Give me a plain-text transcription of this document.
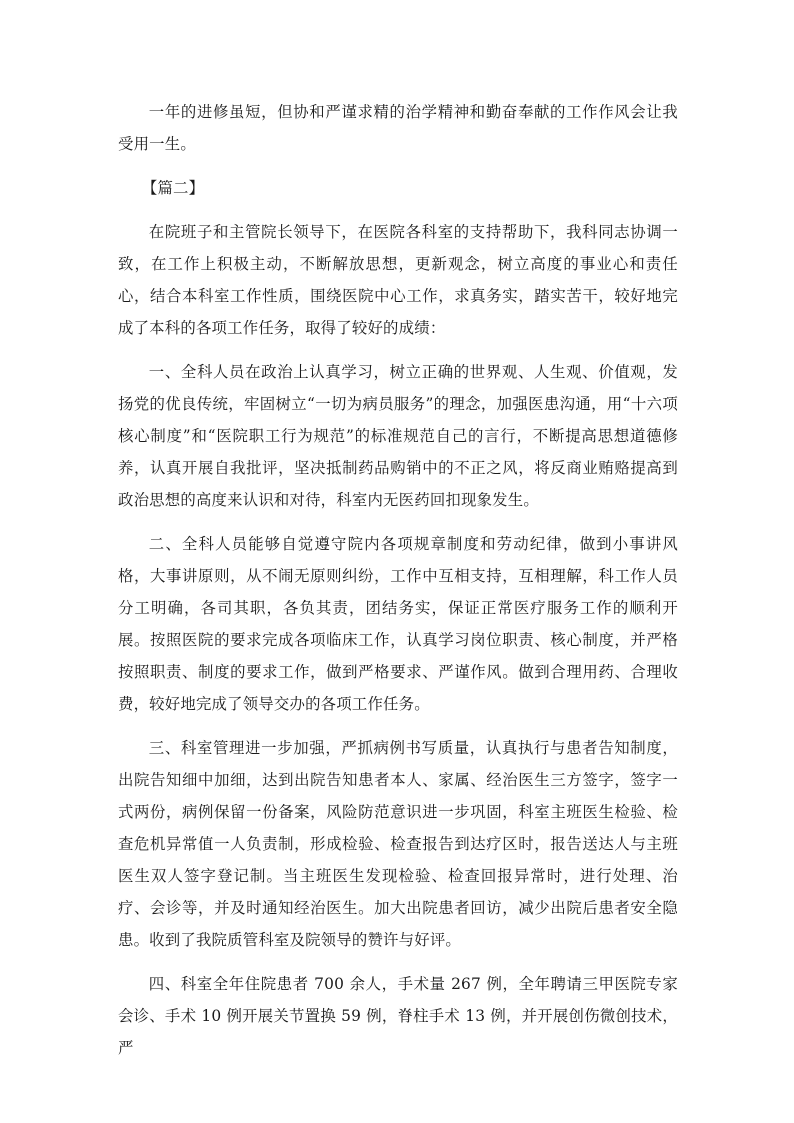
一年的进修虽短，但协和严谨求精的治学精神和勤奋奉献的工作作风会让我受用一生。

【篇二】

在院班子和主管院长领导下，在医院各科室的支持帮助下，我科同志协调一致，在工作上积极主动，不断解放思想，更新观念，树立高度的事业心和责任心，结合本科室工作性质，围绕医院中心工作，求真务实，踏实苦干，较好地完成了本科的各项工作任务，取得了较好的成绩：

一、全科人员在政治上认真学习，树立正确的世界观、人生观、价值观，发扬党的优良传统，牢固树立“一切为病员服务”的理念，加强医患沟通，用“十六项核心制度”和“医院职工行为规范”的标准规范自己的言行，不断提高思想道德修养，认真开展自我批评，坚决抵制药品购销中的不正之风，将反商业贿赂提高到政治思想的高度来认识和对待，科室内无医药回扣现象发生。

二、全科人员能够自觉遵守院内各项规章制度和劳动纪律，做到小事讲风格，大事讲原则，从不闹无原则纠纷，工作中互相支持，互相理解，科工作人员分工明确，各司其职，各负其责，团结务实，保证正常医疗服务工作的顺利开展。按照医院的要求完成各项临床工作，认真学习岗位职责、核心制度，并严格按照职责、制度的要求工作，做到严格要求、严谨作风。做到合理用药、合理收费，较好地完成了领导交办的各项工作任务。

三、科室管理进一步加强，严抓病例书写质量，认真执行与患者告知制度，出院告知细中加细，达到出院告知患者本人、家属、经治医生三方签字，签字一式两份，病例保留一份备案，风险防范意识进一步巩固，科室主班医生检验、检查危机异常值一人负责制，形成检验、检查报告到达疗区时，报告送达人与主班医生双人签字登记制。当主班医生发现检验、检查回报异常时，进行处理、治疗、会诊等，并及时通知经治医生。加大出院患者回访，减少出院后患者安全隐患。收到了我院质管科室及院领导的赞许与好评。

四、科室全年住院患者 700 余人，手术量 267 例，全年聘请三甲医院专家会诊、手术 10 例开展关节置换 59 例，脊柱手术 13 例，并开展创伤微创技术，严
